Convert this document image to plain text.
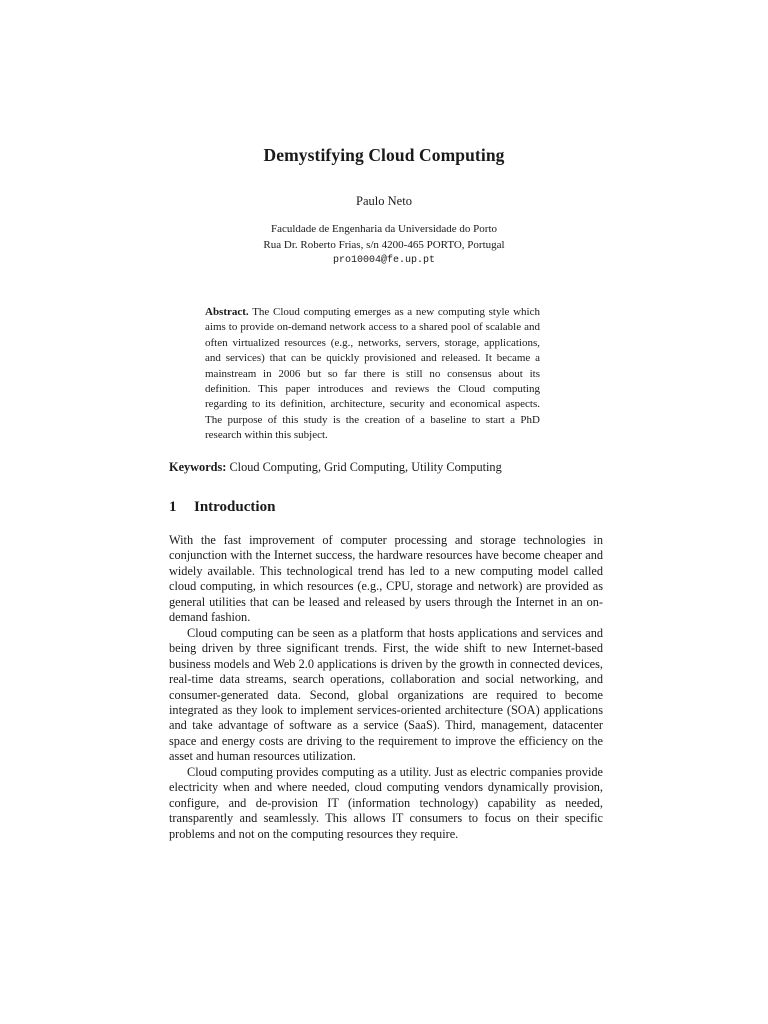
Demystifying Cloud Computing
Paulo Neto
Faculdade de Engenharia da Universidade do Porto
Rua Dr. Roberto Frias, s/n 4200-465 PORTO, Portugal
pro10004@fe.up.pt
Abstract. The Cloud computing emerges as a new computing style which aims to provide on-demand network access to a shared pool of scalable and often virtualized resources (e.g., networks, servers, storage, applications, and services) that can be quickly provisioned and released. It became a mainstream in 2006 but so far there is still no consensus about its definition. This paper introduces and reviews the Cloud computing regarding to its definition, architecture, security and economical aspects. The purpose of this study is the creation of a baseline to start a PhD research within this subject.
Keywords: Cloud Computing, Grid Computing, Utility Computing
1 Introduction

With the fast improvement of computer processing and storage technologies in conjunction with the Internet success, the hardware resources have become cheaper and widely available. This technological trend has led to a new computing model called cloud computing, in which resources (e.g., CPU, storage and network) are provided as general utilities that can be leased and released by users through the Internet in an on-demand fashion.

Cloud computing can be seen as a platform that hosts applications and services and being driven by three significant trends. First, the wide shift to new Internet-based business models and Web 2.0 applications is driven by the growth in connected devices, real-time data streams, search operations, collaboration and social networking, and consumer-generated data. Second, global organizations are required to become integrated as they look to implement services-oriented architecture (SOA) applications and take advantage of software as a service (SaaS). Third, management, datacenter space and energy costs are driving to the requirement to improve the efficiency on the asset and human resources utilization.

Cloud computing provides computing as a utility. Just as electric companies provide electricity when and where needed, cloud computing vendors dynamically provision, configure, and de-provision IT (information technology) capability as needed, transparently and seamlessly. This allows IT consumers to focus on their specific problems and not on the computing resources they require.
